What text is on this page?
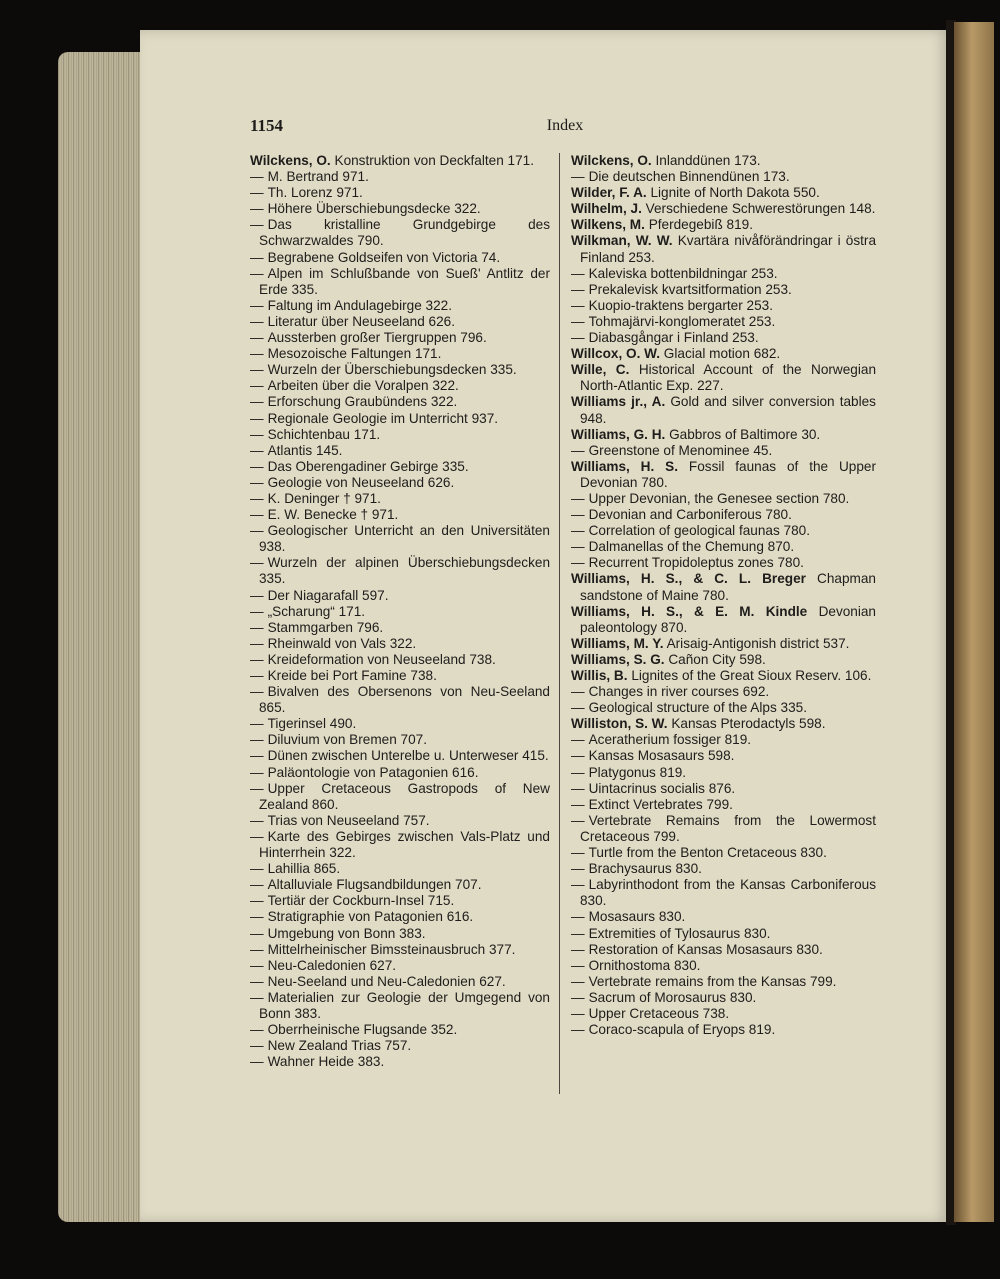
1154	Index
Wilckens, O. Konstruktion von Deckfalten 171.
— M. Bertrand 971.
— Th. Lorenz 971.
— Höhere Überschiebungsdecke 322.
— Das kristalline Grundgebirge des Schwarzwaldes 790.
— Begrabene Goldseifen von Victoria 74.
— Alpen im Schlußbande von Sueß' Antlitz der Erde 335.
— Faltung im Andulagebirge 322.
— Literatur über Neuseeland 626.
— Aussterben großer Tiergruppen 796.
— Mesozoische Faltungen 171.
— Wurzeln der Überschiebungsdecken 335.
— Arbeiten über die Voralpen 322.
— Erforschung Graubündens 322.
— Regionale Geologie im Unterricht 937.
— Schichtenbau 171.
— Atlantis 145.
— Das Oberengadiner Gebirge 335.
— Geologie von Neuseeland 626.
— K. Deninger † 971.
— E. W. Benecke † 971.
— Geologischer Unterricht an den Universitäten 938.
— Wurzeln der alpinen Überschiebungsdecken 335.
— Der Niagarafall 597.
— „Scharung“ 171.
— Stammgarben 796.
— Rheinwald von Vals 322.
— Kreideformation von Neuseeland 738.
— Kreide bei Port Famine 738.
— Bivalven des Obersenons von Neu-Seeland 865.
— Tigerinsel 490.
— Diluvium von Bremen 707.
— Dünen zwischen Unterelbe u. Unterweser 415.
— Paläontologie von Patagonien 616.
— Upper Cretaceous Gastropods of New Zealand 860.
— Trias von Neuseeland 757.
— Karte des Gebirges zwischen Vals-Platz und Hinterrhein 322.
— Lahillia 865.
— Altalluviale Flugsandbildungen 707.
— Tertiär der Cockburn-Insel 715.
— Stratigraphie von Patagonien 616.
— Umgebung von Bonn 383.
— Mittelrheinischer Bimssteinausbruch 377.
— Neu-Caledonien 627.
— Neu-Seeland und Neu-Caledonien 627.
— Materialien zur Geologie der Umgegend von Bonn 383.
— Oberrheinische Flugsande 352.
— New Zealand Trias 757.
— Wahner Heide 383.
Wilckens, O. Inlanddünen 173.
— Die deutschen Binnendünen 173.
Wilder, F. A. Lignite of North Dakota 550.
Wilhelm, J. Verschiedene Schwerestörungen 148.
Wilkens, M. Pferdegebiß 819.
Wilkman, W. W. Kvartära nivåförändringar i östra Finland 253.
— Kaleviska bottenbildningar 253.
— Prekalevisk kvartsitformation 253.
— Kuopio-traktens bergarter 253.
— Tohmajärvi-konglomeratet 253.
— Diabasgångar i Finland 253.
Willcox, O. W. Glacial motion 682.
Wille, C. Historical Account of the Norwegian North-Atlantic Exp. 227.
Williams jr., A. Gold and silver conversion tables 948.
Williams, G. H. Gabbros of Baltimore 30.
— Greenstone of Menominee 45.
Williams, H. S. Fossil faunas of the Upper Devonian 780.
— Upper Devonian, the Genesee section 780.
— Devonian and Carboniferous 780.
— Correlation of geological faunas 780.
— Dalmanellas of the Chemung 870.
— Recurrent Tropidoleptus zones 780.
Williams, H. S., & C. L. Breger Chapman sandstone of Maine 780.
Williams, H. S., & E. M. Kindle Devonian paleontology 870.
Williams, M. Y. Arisaig-Antigonish district 537.
Williams, S. G. Cañon City 598.
Willis, B. Lignites of the Great Sioux Reserv. 106.
— Changes in river courses 692.
— Geological structure of the Alps 335.
Williston, S. W. Kansas Pterodactyls 598.
— Aceratherium fossiger 819.
— Kansas Mosasaurs 598.
— Platygonus 819.
— Uintacrinus socialis 876.
— Extinct Vertebrates 799.
— Vertebrate Remains from the Lowermost Cretaceous 799.
— Turtle from the Benton Cretaceous 830.
— Brachysaurus 830.
— Labyrinthodont from the Kansas Carboniferous 830.
— Mosasaurs 830.
— Extremities of Tylosaurus 830.
— Restoration of Kansas Mosasaurs 830.
— Ornithostoma 830.
— Vertebrate remains from the Kansas 799.
— Sacrum of Morosaurus 830.
— Upper Cretaceous 738.
— Coraco-scapula of Eryops 819.
